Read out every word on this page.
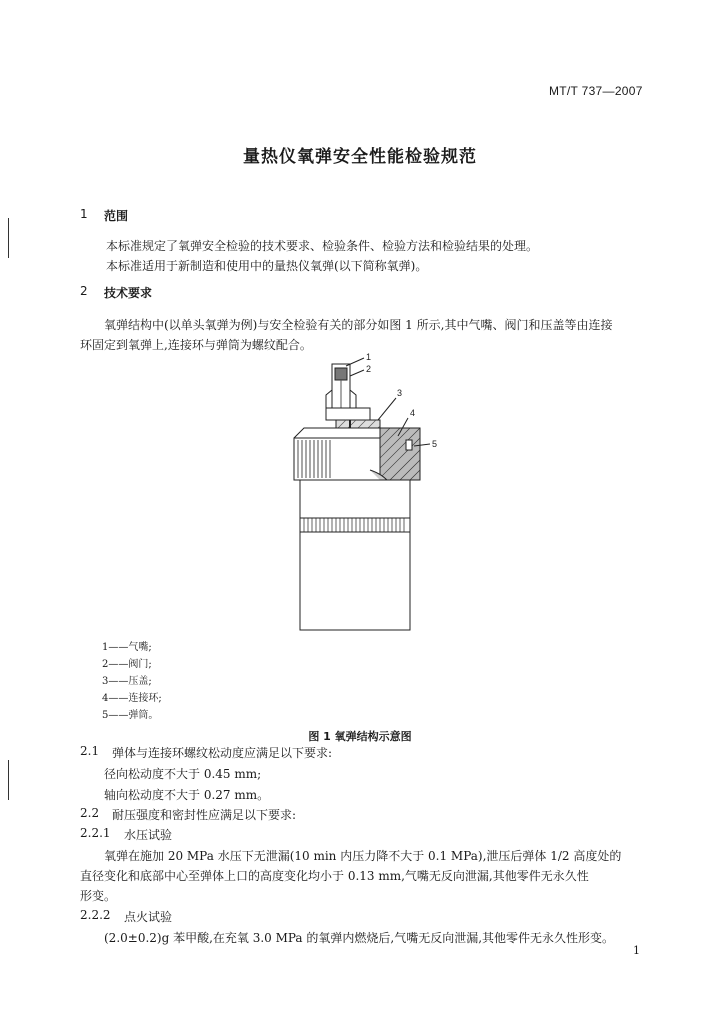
MT/T 737—2007
量热仪氧弹安全性能检验规范
1 范围
本标准规定了氧弹安全检验的技术要求、检验条件、检验方法和检验结果的处理。
本标准适用于新制造和使用中的量热仪氧弹(以下简称氧弹)。
2 技术要求
氧弹结构中(以单头氧弹为例)与安全检验有关的部分如图 1 所示,其中气嘴、阀门和压盖等由连接
环固定到氧弹上,连接环与弹筒为螺纹配合。
1
2
3
4
5
1——气嘴;
2——阀门;
3——压盖;
4——连接环;
5——弹筒。
图 1 氧弹结构示意图
2.1 弹体与连接环螺纹松动度应满足以下要求:
径向松动度不大于 0.45 mm;
轴向松动度不大于 0.27 mm。
2.2 耐压强度和密封性应满足以下要求:
2.2.1 水压试验
氧弹在施加 20 MPa 水压下无泄漏(10 min 内压力降不大于 0.1 MPa),泄压后弹体 1/2 高度处的
直径变化和底部中心至弹体上口的高度变化均小于 0.13 mm,气嘴无反向泄漏,其他零件无永久性
形变。
2.2.2 点火试验
(2.0±0.2)g 苯甲酸,在充氧 3.0 MPa 的氧弹内燃烧后,气嘴无反向泄漏,其他零件无永久性形变。
1
